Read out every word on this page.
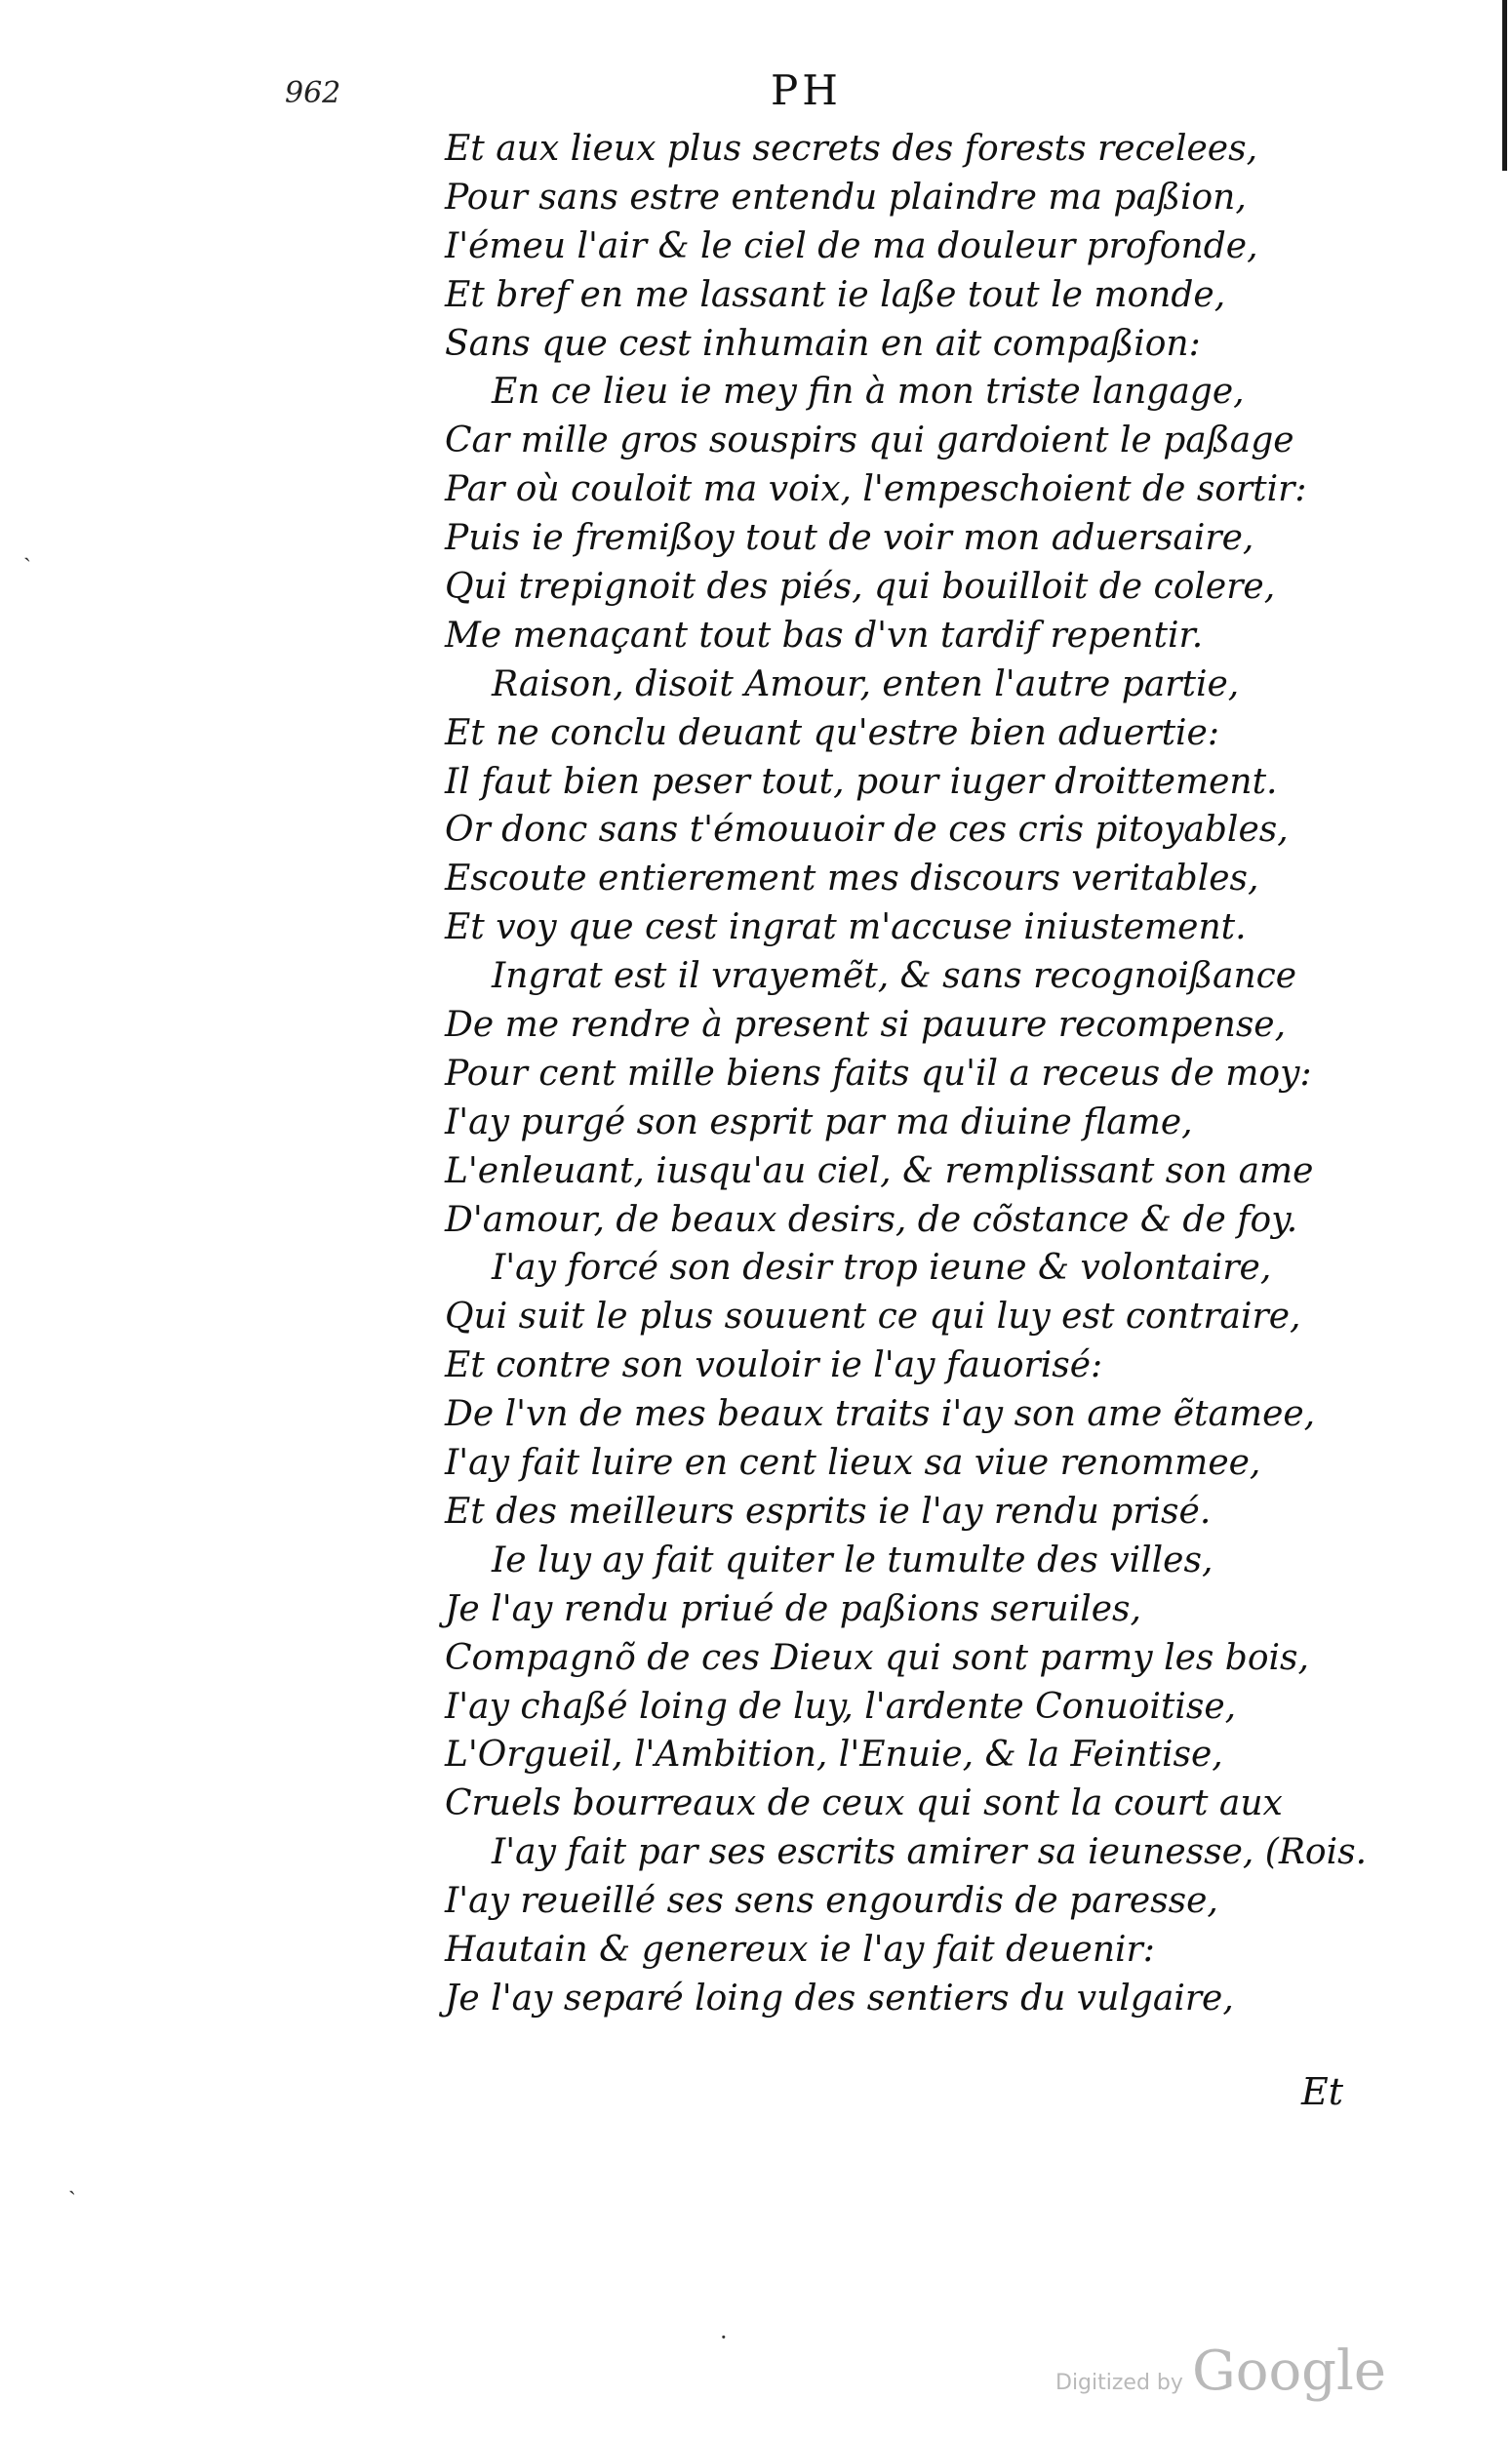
962	PH
Et aux lieux plus secrets des forests recelees,
Pour sans estre entendu plaindre ma paßion,
I'émeu l'air & le ciel de ma douleur profonde,
Et bref en me lassant ie laße tout le monde,
Sans que cest inhumain en ait compaßion:
En ce lieu ie mey fin à mon triste langage,
Car mille gros souspirs qui gardoient le paßage
Par où couloit ma voix, l'empeschoient de sortir:
Puis ie fremißoy tout de voir mon aduersaire,
Qui trepignoit des piés, qui bouilloit de colere,
Me menaçant tout bas d'vn tardif repentir.
Raison, disoit Amour, enten l'autre partie,
Et ne conclu deuant qu'estre bien aduertie:
Il faut bien peser tout, pour iuger droittement.
Or donc sans t'émouuoir de ces cris pitoyables,
Escoute entierement mes discours veritables,
Et voy que cest ingrat m'accuse iniustement.
Ingrat est il vrayemẽt, & sans recognoißance
De me rendre à present si pauure recompense,
Pour cent mille biens faits qu'il a receus de moy:
I'ay purgé son esprit par ma diuine flame,
L'enleuant, iusqu'au ciel, & remplissant son ame
D'amour, de beaux desirs, de cõstance & de foy.
I'ay forcé son desir trop ieune & volontaire,
Qui suit le plus souuent ce qui luy est contraire,
Et contre son vouloir ie l'ay fauorisé:
De l'vn de mes beaux traits i'ay son ame ẽtamee,
I'ay fait luire en cent lieux sa viue renommee,
Et des meilleurs esprits ie l'ay rendu prisé.
Ie luy ay fait quiter le tumulte des villes,
Je l'ay rendu priué de paßions seruiles,
Compagnõ de ces Dieux qui sont parmy les bois,
I'ay chaßé loing de luy, l'ardente Conuoitise,
L'Orgueil, l'Ambition, l'Enuie, & la Feintise,
Cruels bourreaux de ceux qui sont la court aux
I'ay fait par ses escrits amirer sa ieunesse, (Rois.
I'ay reueillé ses sens engourdis de paresse,
Hautain & genereux ie l'ay fait deuenir:
Je l'ay separé loing des sentiers du vulgaire,
Et
ˏ
ˏ
·
Digitized by Google
